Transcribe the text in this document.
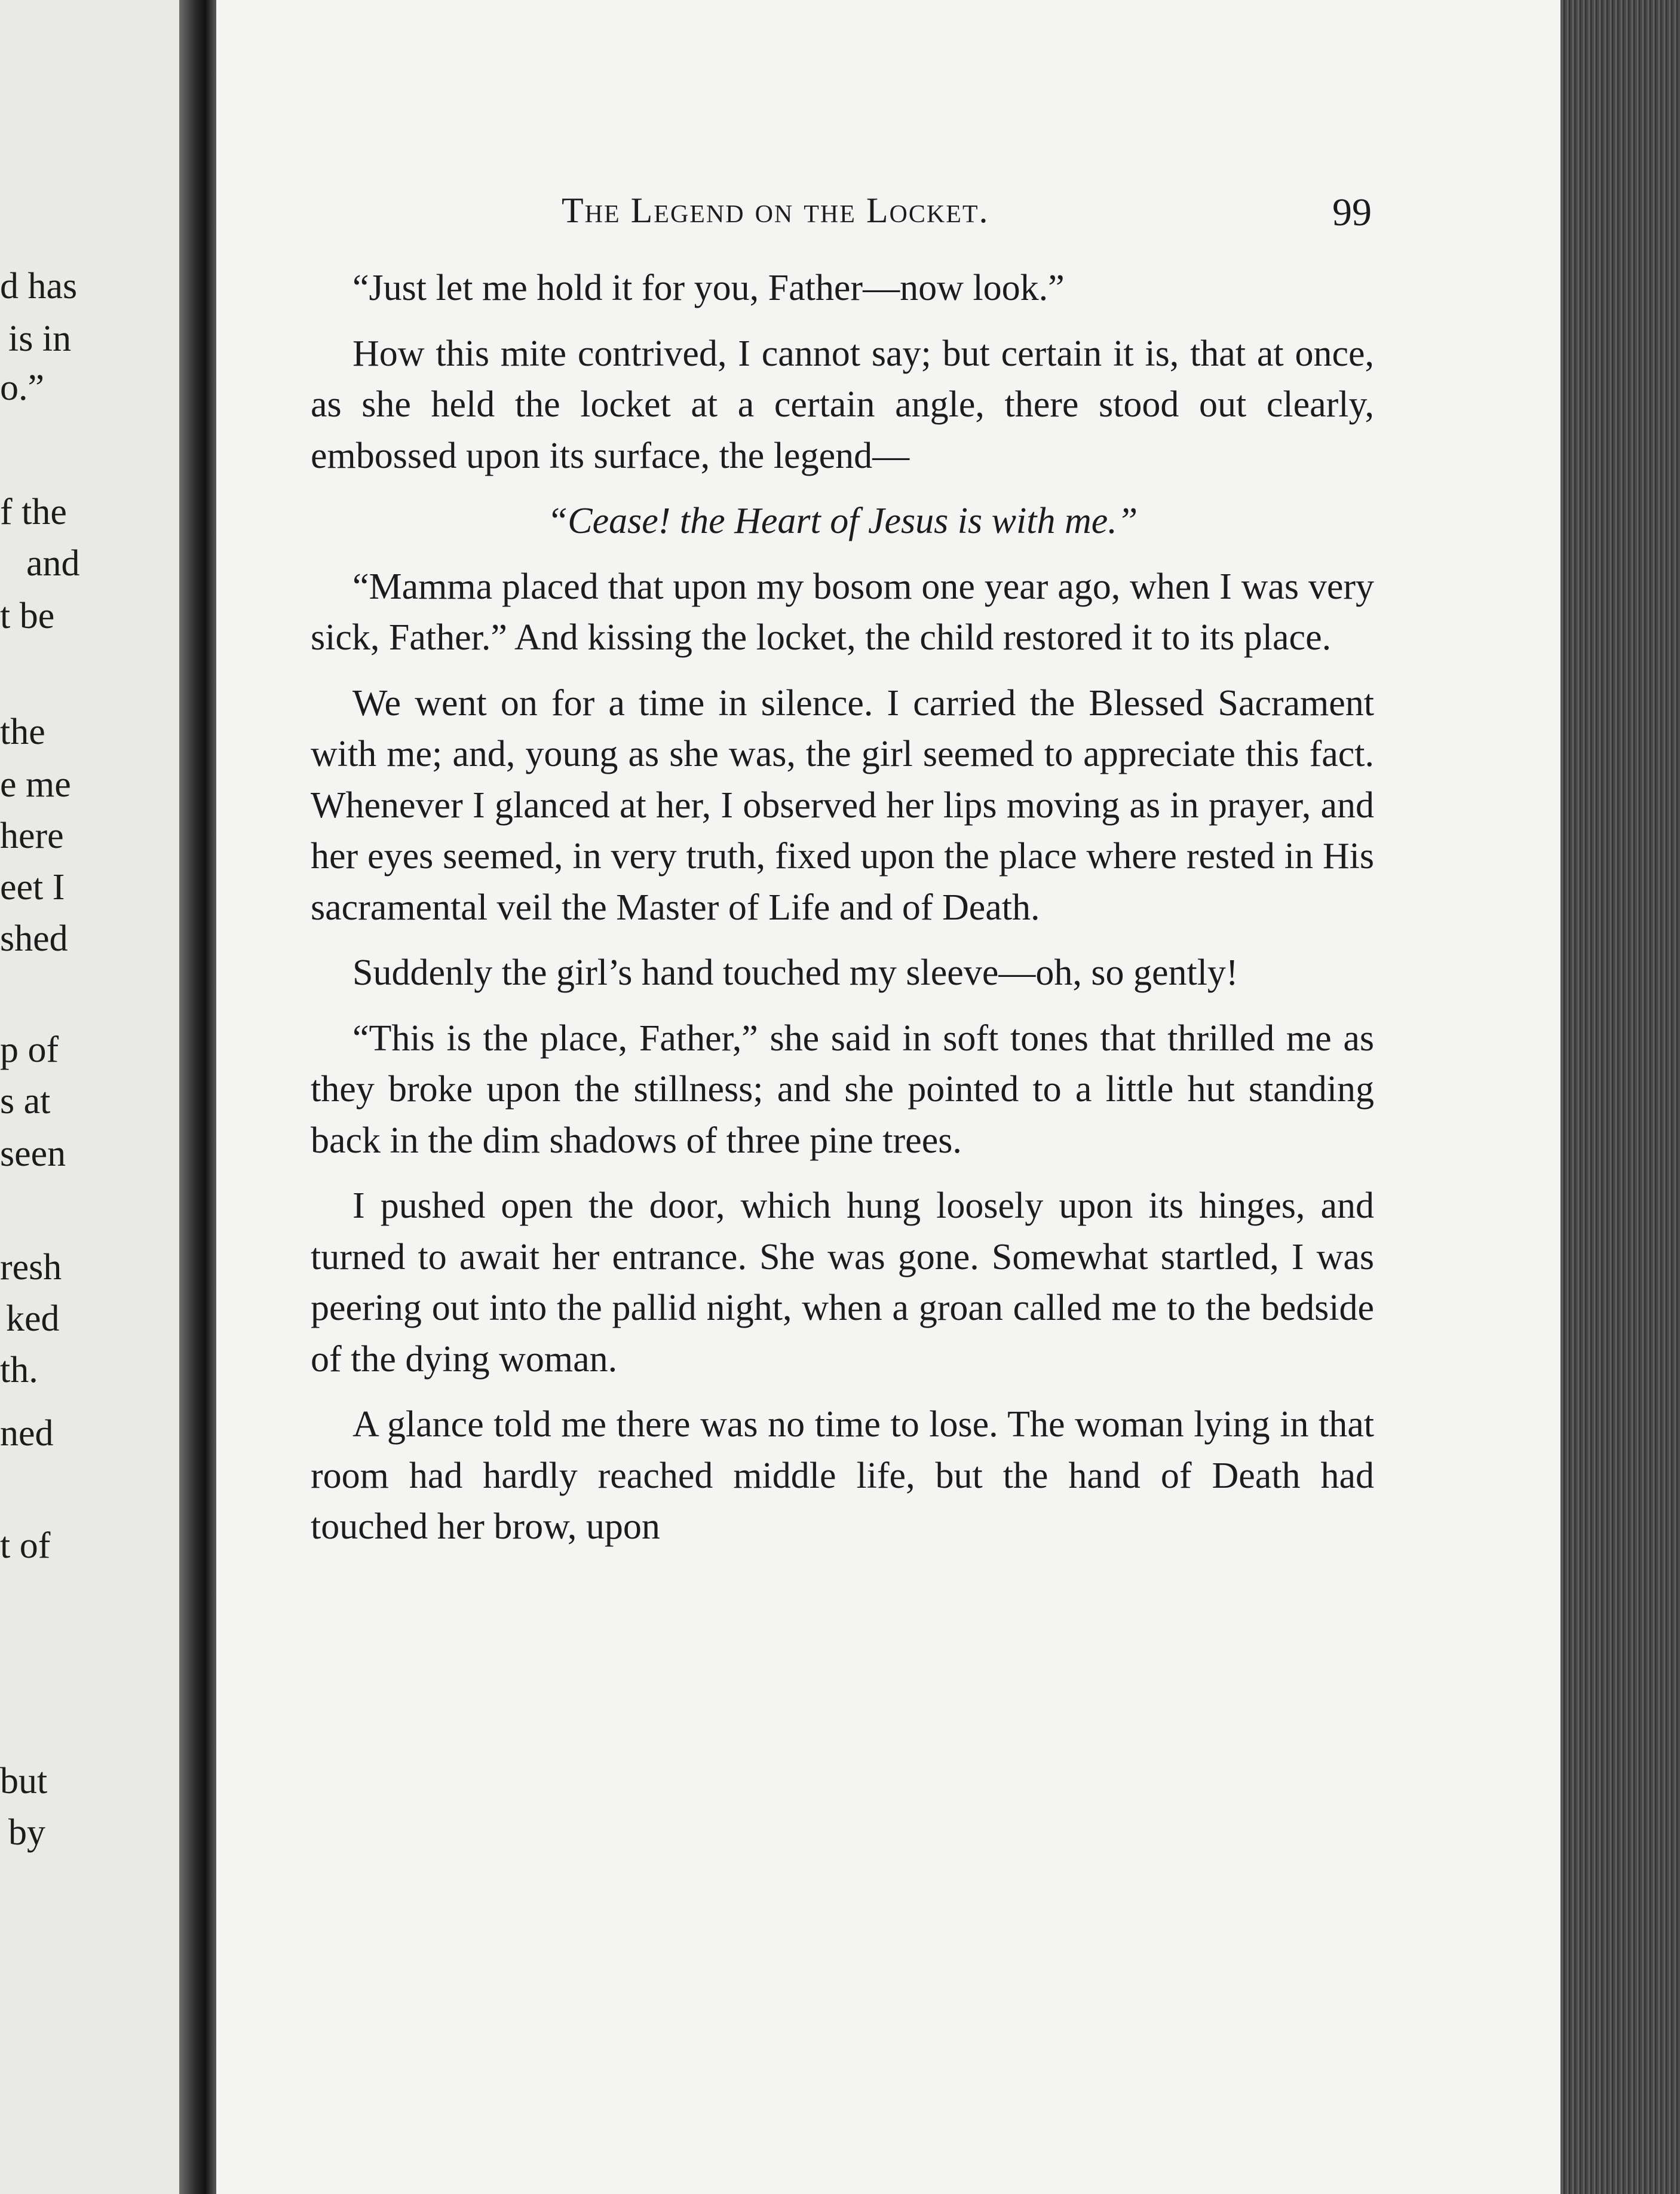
d has
is in
o.”
f the
and
t be
the
e me
here
eet I
shed
p of
s at
seen
resh
ked
th.
ned
t of
but
by
The Legend on the Locket.	99

“Just let me hold it for you, Father—now look.”

How this mite contrived, I cannot say; but certain it is, that at once, as she held the locket at a certain angle, there stood out clearly, embossed upon its surface, the legend—

“Cease! the Heart of Jesus is with me.”

“Mamma placed that upon my bosom one year ago, when I was very sick, Father.” And kissing the locket, the child restored it to its place.

We went on for a time in silence. I carried the Blessed Sacrament with me; and, young as she was, the girl seemed to appreciate this fact. Whenever I glanced at her, I observed her lips moving as in prayer, and her eyes seemed, in very truth, fixed upon the place where rested in His sacramental veil the Master of Life and of Death.

Suddenly the girl’s hand touched my sleeve—oh, so gently!

“This is the place, Father,” she said in soft tones that thrilled me as they broke upon the stillness; and she pointed to a little hut standing back in the dim shadows of three pine trees.

I pushed open the door, which hung loosely upon its hinges, and turned to await her entrance. She was gone. Somewhat startled, I was peering out into the pallid night, when a groan called me to the bedside of the dying woman.

A glance told me there was no time to lose. The woman lying in that room had hardly reached middle life, but the hand of Death had touched her brow, upon
